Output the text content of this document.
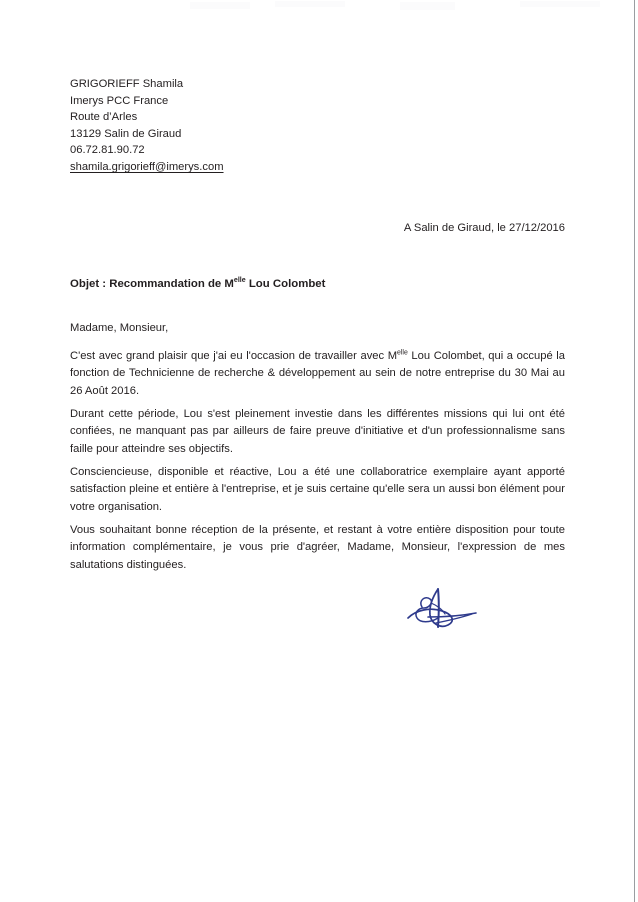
GRIGORIEFF Shamila
Imerys PCC France
Route d’Arles
13129 Salin de Giraud
06.72.81.90.72
shamila.grigorieff@imerys.com
A Salin de Giraud, le 27/12/2016
Objet : Recommandation de $M^{elle}$ Lou Colombet
Madame, Monsieur,
C'est avec grand plaisir que j'ai eu l'occasion de travailler avec $M^{elle}$ Lou Colombet, qui a occupé la fonction de Technicienne de recherche & développement au sein de notre entreprise du 30 Mai au 26 Août 2016.
Durant cette période, Lou s'est pleinement investie dans les différentes missions qui lui ont été confiées, ne manquant pas par ailleurs de faire preuve d'initiative et d'un professionnalisme sans faille pour atteindre ses objectifs.
Consciencieuse, disponible et réactive, Lou a été une collaboratrice exemplaire ayant apporté satisfaction pleine et entière à l'entreprise, et je suis certaine qu'elle sera un aussi bon élément pour votre organisation.
Vous souhaitant bonne réception de la présente, et restant à votre entière disposition pour toute information complémentaire, je vous prie d'agréer, Madame, Monsieur, l'expression de mes salutations distinguées.
